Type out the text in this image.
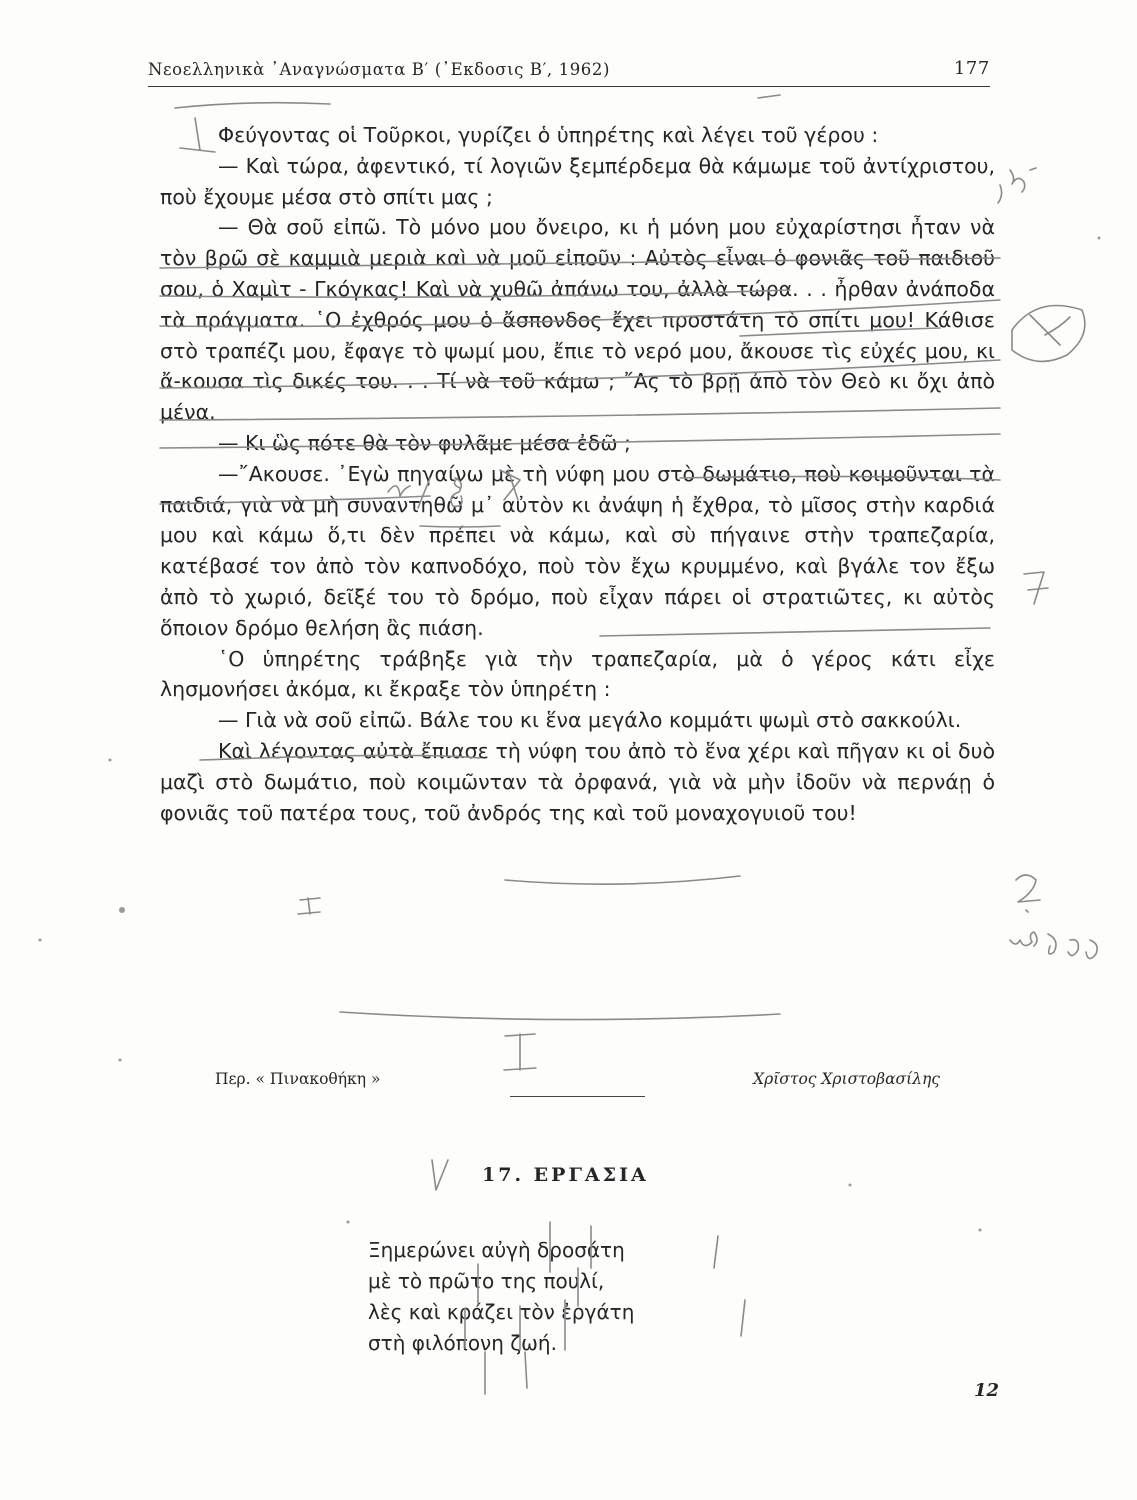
Νεοελληνικὰ ᾿Αναγνώσματα Β′ (᾿Εκδοσις Β′, 1962)	177

Φεύγοντας οἱ Τοῦρκοι, γυρίζει ὁ ὑπηρέτης καὶ λέγει τοῦ γέρου :

— Καὶ τώρα, ἀφεντικό, τί λογιῶν ξεμπέρδεμα θὰ κάμωμε τοῦ ἀντίχριστου, ποὺ ἔχουμε μέσα στὸ σπίτι μας ;

— Θὰ σοῦ εἰπῶ. Τὸ μόνο μου ὄνειρο, κι ἡ μόνη μου εὐχαρίστησι ἦταν νὰ τὸν βρῶ σὲ καμμιὰ μεριὰ καὶ νὰ μοῦ εἰποῦν : Αὐτὸς εἶναι ὁ φονιᾶς τοῦ παιδιοῦ σου, ὁ Χαμὶτ - Γκόγκας! Καὶ νὰ χυθῶ ἀπάνω του, ἀλλὰ τώρα. . . ἦρθαν ἀνάποδα τὰ πράγματα. ῾Ο ἐχθρός μου ὁ ἄσπονδος ἔχει προστάτη τὸ σπίτι μου! Κάθισε στὸ τραπέζι μου, ἔφαγε τὸ ψωμί μου, ἔπιε τὸ νερό μου, ἄκουσε τὶς εὐχές μου, κι ἄ-κουσα τὶς δικές του. . . Τί νὰ τοῦ κάμω ; ῎Ας τὸ βρῇ ἀπὸ τὸν Θεὸ κι ὄχι ἀπὸ μένα.

— Κι ὣς πότε θὰ τὸν φυλᾶμε μέσα ἐδῶ ;

—῎Ακουσε. ᾿Εγὼ πηγαίνω μὲ τὴ νύφη μου στὸ δωμάτιο, ποὺ κοιμοῦνται τὰ παιδιά, γιὰ νὰ μὴ συναντηθῶ μ᾿ αὐτὸν κι ἀνάψη ἡ ἔχθρα, τὸ μῖσος στὴν καρδιά μου καὶ κάμω ὅ,τι δὲν πρέπει νὰ κάμω, καὶ σὺ πήγαινε στὴν τραπεζαρία, κατέβασέ τον ἀπὸ τὸν καπνοδόχο, ποὺ τὸν ἔχω κρυμμένο, καὶ βγάλε τον ἔξω ἀπὸ τὸ χωριό, δεῖξέ του τὸ δρόμο, ποὺ εἶχαν πάρει οἱ στρατιῶτες, κι αὐτὸς ὅποιον δρόμο θελήση ἂς πιάση.

῾Ο ὑπηρέτης τράβηξε γιὰ τὴν τραπεζαρία, μὰ ὁ γέρος κάτι εἶχε λησμονήσει ἀκόμα, κι ἔκραξε τὸν ὑπηρέτη :

— Γιὰ νὰ σοῦ εἰπῶ. Βάλε του κι ἕνα μεγάλο κομμάτι ψωμὶ στὸ σακκούλι.

Καὶ λέγοντας αὐτὰ ἔπιασε τὴ νύφη του ἀπὸ τὸ ἕνα χέρι καὶ πῆγαν κι οἱ δυὸ μαζὶ στὸ δωμάτιο, ποὺ κοιμῶνταν τὰ ὀρφανά, γιὰ νὰ μὴν ἰδοῦν νὰ περνάῃ ὁ φονιᾶς τοῦ πατέρα τους, τοῦ ἀνδρός της καὶ τοῦ μοναχογυιοῦ του!

Περ. « Πινακοθήκη »	Χρῖστος Χριστοβασίλης
17. ΕΡΓΑΣΙΑ
Ξημερώνει αὐγὴ δροσάτη
μὲ τὸ πρῶτο της πουλί,
λὲς καὶ κράζει τὸν ἐργάτη
στὴ φιλόπονη ζωή.
12
